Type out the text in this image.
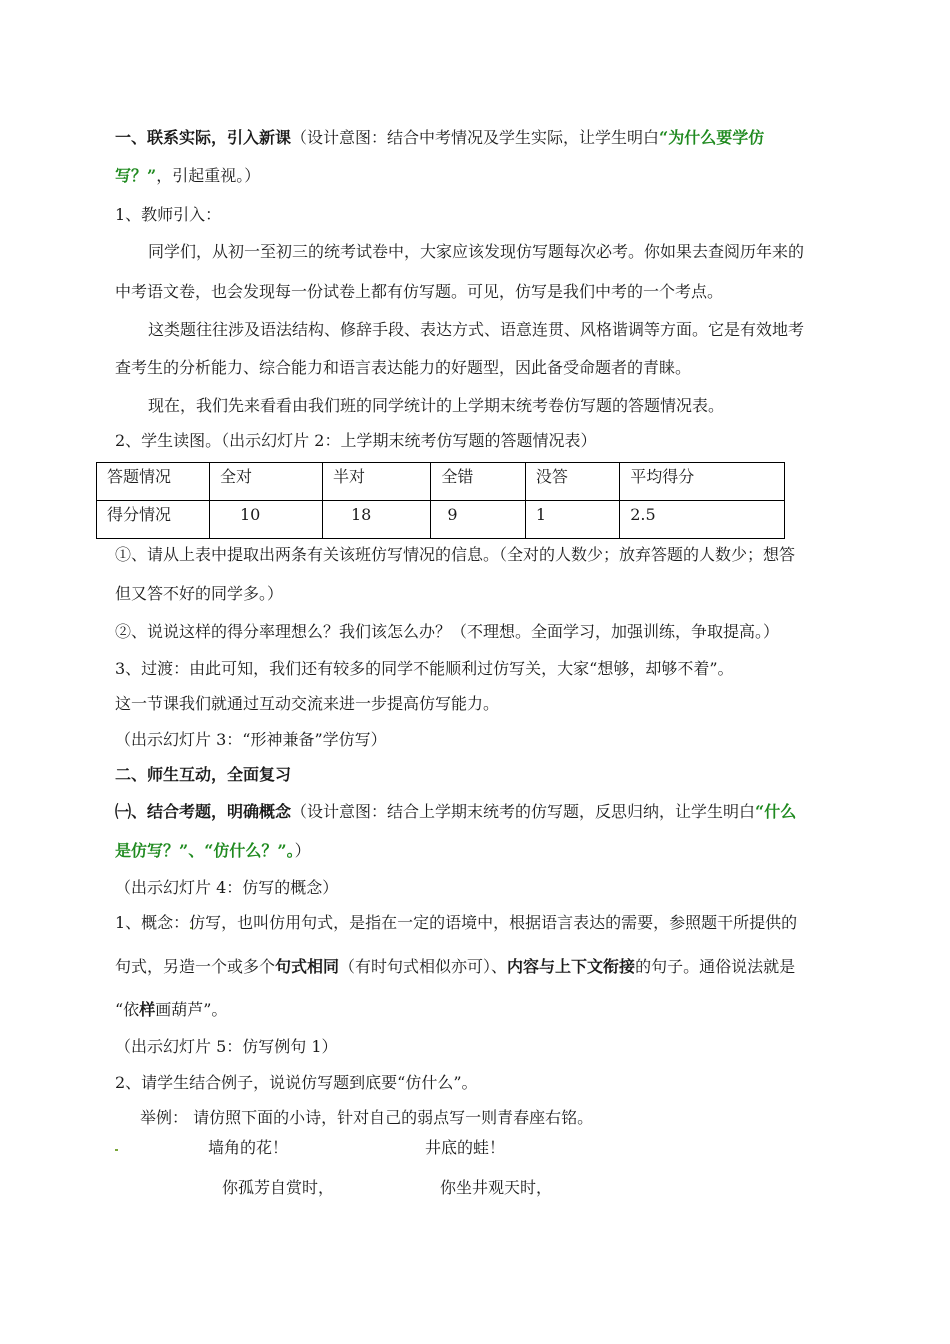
一、联系实际，引入新课（设计意图：结合中考情况及学生实际，让学生明白“为什么要学仿
写？”，引起重视。）
1、教师引入：
同学们，从初一至初三的统考试卷中，大家应该发现仿写题每次必考。你如果去查阅历年来的
中考语文卷，也会发现每一份试卷上都有仿写题。可见，仿写是我们中考的一个考点。
这类题往往涉及语法结构、修辞手段、表达方式、语意连贯、风格谐调等方面。它是有效地考
查考生的分析能力、综合能力和语言表达能力的好题型，因此备受命题者的青睐。
现在，我们先来看看由我们班的同学统计的上学期末统考卷仿写题的答题情况表。
2、学生读图。（出示幻灯片 2：上学期末统考仿写题的答题情况表）
答题情况	全对	半对	全错	没答	平均得分
得分情况	10	18	9	1	2.5
①、请从上表中提取出两条有关该班仿写情况的信息。（全对的人数少；放弃答题的人数少；想答
但又答不好的同学多。）
②、说说这样的得分率理想么？我们该怎么办？（不理想。全面学习，加强训练，争取提高。）
3、过渡：由此可知，我们还有较多的同学不能顺利过仿写关，大家“想够，却够不着”。
这一节课我们就通过互动交流来进一步提高仿写能力。
（出示幻灯片 3：“形神兼备”学仿写）
二、师生互动，全面复习
㈠、结合考题，明确概念（设计意图：结合上学期末统考的仿写题，反思归纳，让学生明白“什么
是仿写？”、“仿什么？”。）
（出示幻灯片 4：仿写的概念）
1、概念：仿写，也叫仿用句式，是指在一定的语境中，根据语言表达的需要，参照题干所提供的
句式，另造一个或多个句式相同（有时句式相似亦可）、内容与上下文衔接的句子。通俗说法就是
“依样画葫芦”。
（出示幻灯片 5：仿写例句 1）
2、请学生结合例子，说说仿写题到底要“仿什么”。
举例： 请仿照下面的小诗，针对自己的弱点写一则青春座右铭。
墙角的花！	井底的蛙！
你孤芳自赏时，	你坐井观天时，
